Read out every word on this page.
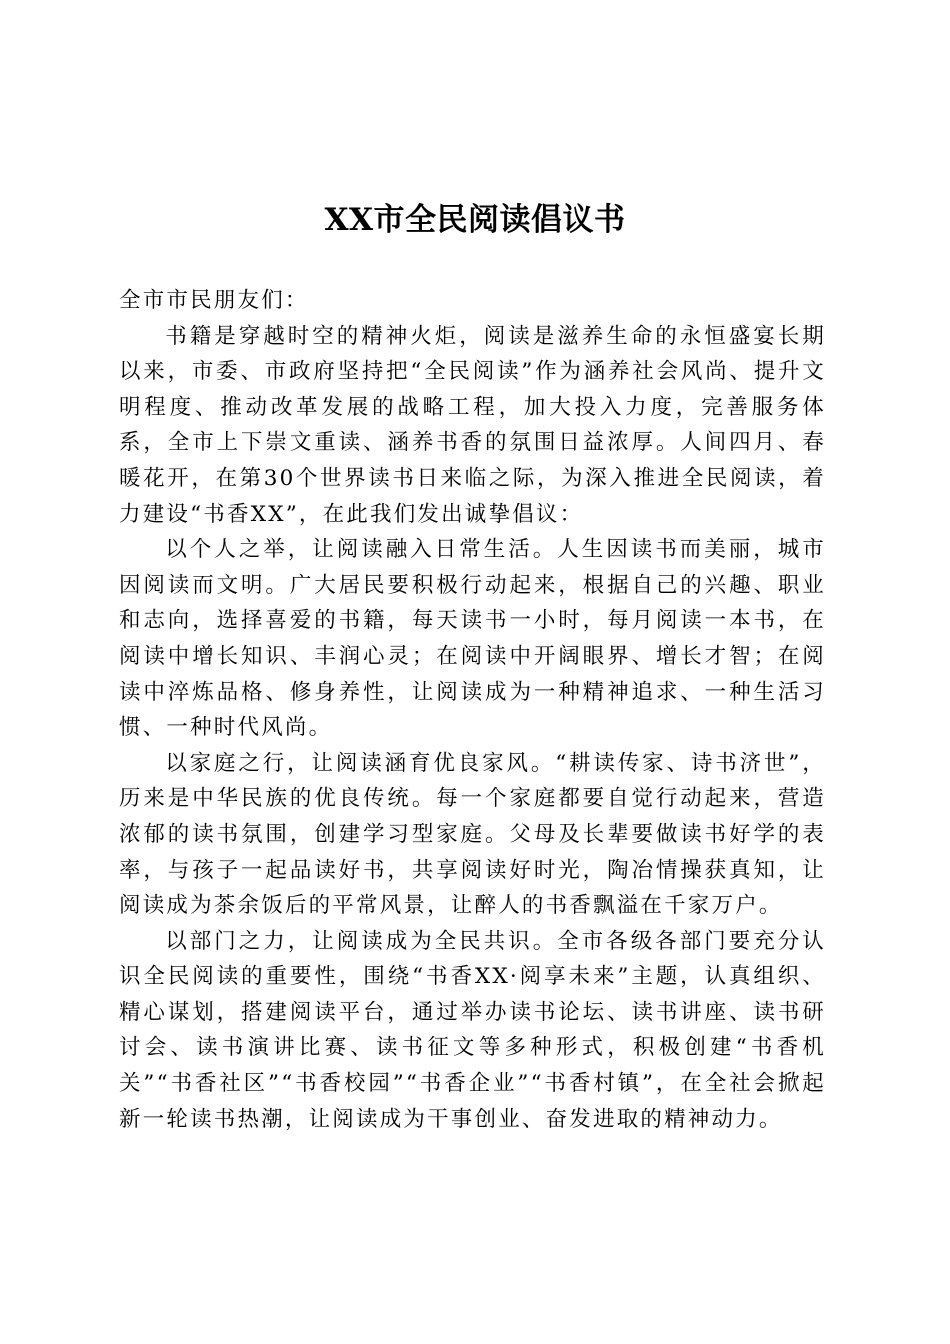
XX市全民阅读倡议书

全市市民朋友们：

书籍是穿越时空的精神火炬，阅读是滋养生命的永恒盛宴长期以来，市委、市政府坚持把“全民阅读”作为涵养社会风尚、提升文明程度、推动改革发展的战略工程，加大投入力度，完善服务体系，全市上下崇文重读、涵养书香的氛围日益浓厚。人间四月、春暖花开，在第30个世界读书日来临之际，为深入推进全民阅读，着力建设“书香XX”，在此我们发出诚挚倡议：

以个人之举，让阅读融入日常生活。人生因读书而美丽，城市因阅读而文明。广大居民要积极行动起来，根据自己的兴趣、职业和志向，选择喜爱的书籍，每天读书一小时，每月阅读一本书，在阅读中增长知识、丰润心灵；在阅读中开阔眼界、增长才智；在阅读中淬炼品格、修身养性，让阅读成为一种精神追求、一种生活习惯、一种时代风尚。

以家庭之行，让阅读涵育优良家风。“耕读传家、诗书济世”，历来是中华民族的优良传统。每一个家庭都要自觉行动起来，营造浓郁的读书氛围，创建学习型家庭。父母及长辈要做读书好学的表率，与孩子一起品读好书，共享阅读好时光，陶冶情操获真知，让阅读成为茶余饭后的平常风景，让醉人的书香飘溢在千家万户。

以部门之力，让阅读成为全民共识。全市各级各部门要充分认识全民阅读的重要性，围绕“书香XX·阅享未来”主题，认真组织、精心谋划，搭建阅读平台，通过举办读书论坛、读书讲座、读书研讨会、读书演讲比赛、读书征文等多种形式，积极创建“书香机关”“书香社区”“书香校园”“书香企业”“书香村镇”，在全社会掀起新一轮读书热潮，让阅读成为干事创业、奋发进取的精神动力。
